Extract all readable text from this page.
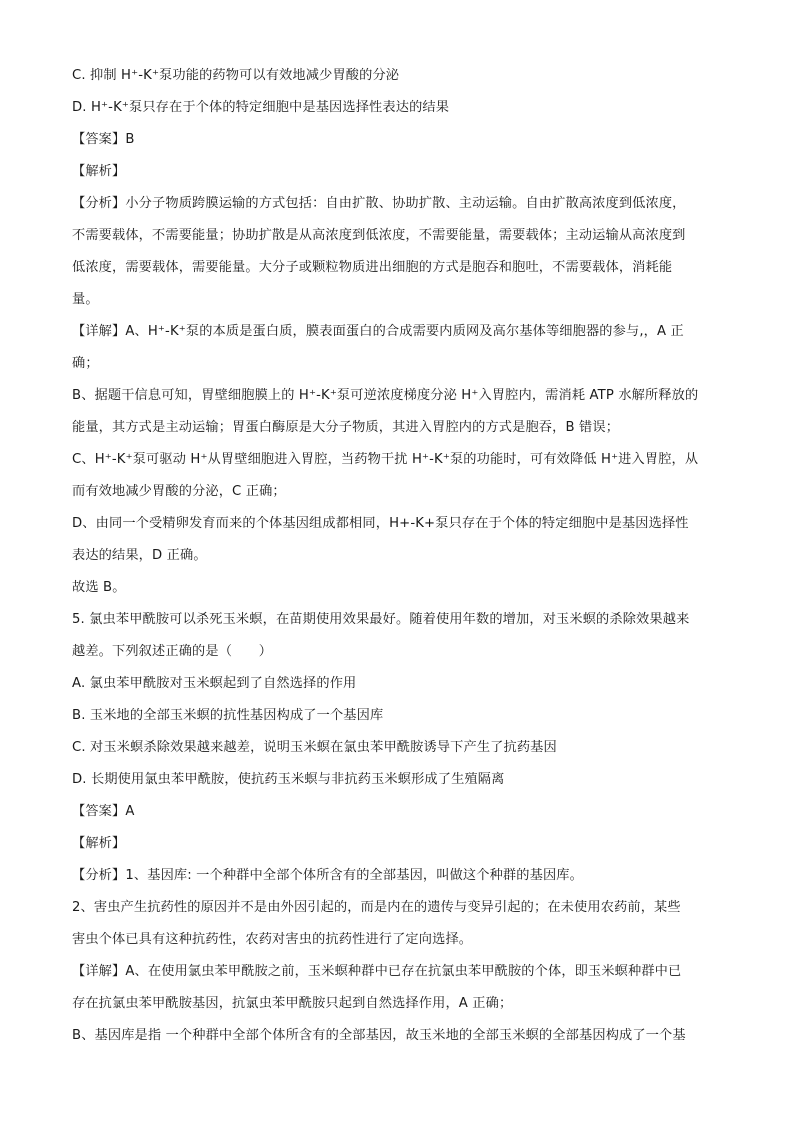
C. 抑制 H⁺-K⁺泵功能的药物可以有效地减少胃酸的分泌
D. H⁺-K⁺泵只存在于个体的特定细胞中是基因选择性表达的结果
【答案】B
【解析】
【分析】小分子物质跨膜运输的方式包括：自由扩散、协助扩散、主动运输。自由扩散高浓度到低浓度，
不需要载体，不需要能量；协助扩散是从高浓度到低浓度，不需要能量，需要载体；主动运输从高浓度到
低浓度，需要载体，需要能量。大分子或颗粒物质进出细胞的方式是胞吞和胞吐，不需要载体，消耗能
量。
【详解】A、H⁺-K⁺泵的本质是蛋白质，膜表面蛋白的合成需要内质网及高尔基体等细胞器的参与,，A 正
确；
B、据题干信息可知，胃壁细胞膜上的 H⁺-K⁺泵可逆浓度梯度分泌 H⁺入胃腔内，需消耗 ATP 水解所释放的
能量，其方式是主动运输；胃蛋白酶原是大分子物质，其进入胃腔内的方式是胞吞，B 错误；
C、H⁺-K⁺泵可驱动 H⁺从胃壁细胞进入胃腔，当药物干扰 H⁺-K⁺泵的功能时，可有效降低 H⁺进入胃腔，从
而有效地减少胃酸的分泌，C 正确；
D、由同一个受精卵发育而来的个体基因组成都相同，H+-K+泵只存在于个体的特定细胞中是基因选择性
表达的结果，D 正确。
故选 B。
5. 氯虫苯甲酰胺可以杀死玉米螟，在苗期使用效果最好。随着使用年数的增加，对玉米螟的杀除效果越来
越差。下列叙述正确的是（　　）
A. 氯虫苯甲酰胺对玉米螟起到了自然选择的作用
B. 玉米地的全部玉米螟的抗性基因构成了一个基因库
C. 对玉米螟杀除效果越来越差，说明玉米螟在氯虫苯甲酰胺诱导下产生了抗药基因
D. 长期使用氯虫苯甲酰胺，使抗药玉米螟与非抗药玉米螟形成了生殖隔离
【答案】A
【解析】
【分析】1、基因库: 一个种群中全部个体所含有的全部基因，叫做这个种群的基因库。
2、害虫产生抗药性的原因并不是由外因引起的，而是内在的遗传与变异引起的；在未使用农药前，某些
害虫个体已具有这种抗药性，农药对害虫的抗药性进行了定向选择。
【详解】A、在使用氯虫苯甲酰胺之前，玉米螟种群中已存在抗氯虫苯甲酰胺的个体，即玉米螟种群中已
存在抗氯虫苯甲酰胺基因，抗氯虫苯甲酰胺只起到自然选择作用，A 正确；
B、基因库是指 一个种群中全部个体所含有的全部基因，故玉米地的全部玉米螟的全部基因构成了一个基
